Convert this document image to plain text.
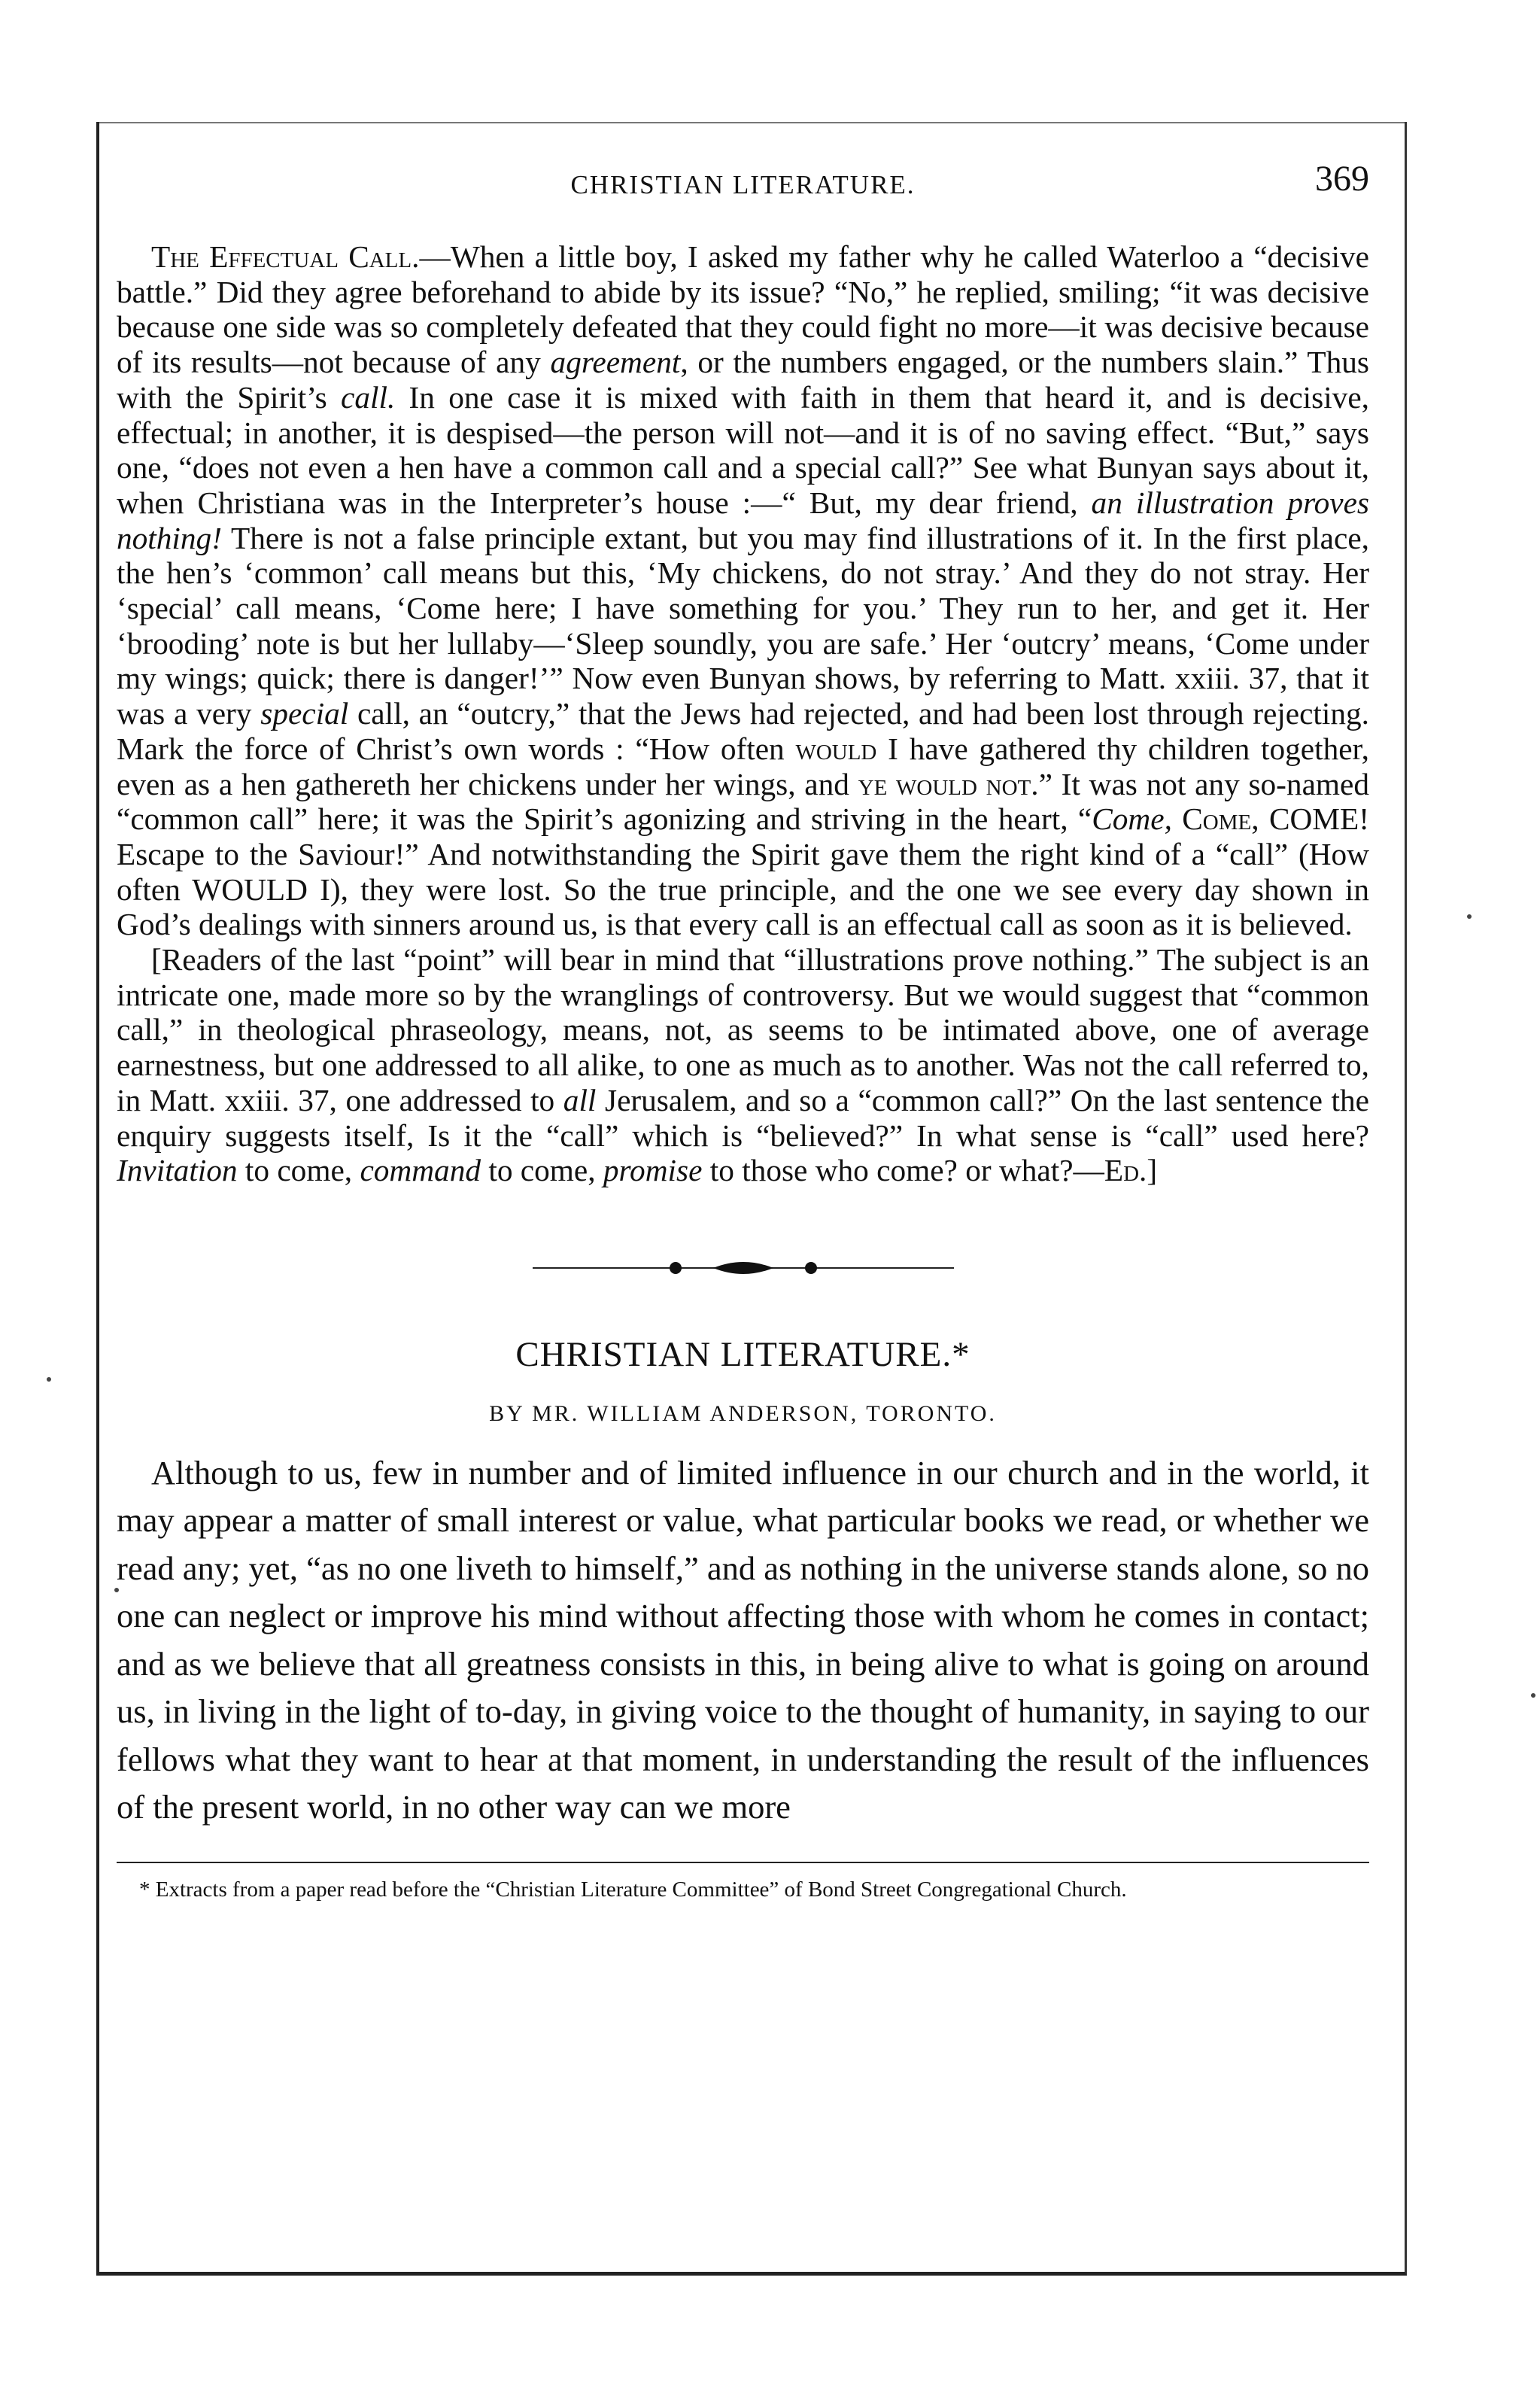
CHRISTIAN LITERATURE.	369

The Effectual Call.—When a little boy, I asked my father why he called Waterloo a “decisive battle.” Did they agree beforehand to abide by its issue? “No,” he replied, smiling; “it was decisive because one side was so completely defeated that they could fight no more—it was decisive because of its results—not because of any agreement, or the numbers engaged, or the numbers slain.” Thus with the Spirit’s call. In one case it is mixed with faith in them that heard it, and is decisive, effectual; in another, it is despised—the person will not—and it is of no saving effect. “But,” says one, “does not even a hen have a common call and a special call?” See what Bunyan says about it, when Christiana was in the Interpreter’s house :—“ But, my dear friend, an illustration proves nothing! There is not a false principle extant, but you may find illustrations of it. In the first place, the hen’s ‘common’ call means but this, ‘My chickens, do not stray.’ And they do not stray. Her ‘special’ call means, ‘Come here; I have something for you.’ They run to her, and get it. Her ‘brooding’ note is but her lullaby—‘Sleep soundly, you are safe.’ Her ‘outcry’ means, ‘Come under my wings; quick; there is danger!’” Now even Bunyan shows, by referring to Matt. xxiii. 37, that it was a very special call, an “outcry,” that the Jews had rejected, and had been lost through rejecting. Mark the force of Christ’s own words : “How often would I have gathered thy children together, even as a hen gathereth her chickens under her wings, and ye would not.” It was not any so-named “common call” here; it was the Spirit’s agonizing and striving in the heart, “Come, Come, COME! Escape to the Saviour!” And notwithstanding the Spirit gave them the right kind of a “call” (How often WOULD I), they were lost. So the true principle, and the one we see every day shown in God’s dealings with sinners around us, is that every call is an effectual call as soon as it is believed.

[Readers of the last “point” will bear in mind that “illustrations prove nothing.” The subject is an intricate one, made more so by the wranglings of controversy. But we would suggest that “common call,” in theological phraseology, means, not, as seems to be intimated above, one of average earnestness, but one addressed to all alike, to one as much as to another. Was not the call referred to, in Matt. xxiii. 37, one addressed to all Jerusalem, and so a “common call?” On the last sentence the enquiry suggests itself, Is it the “call” which is “believed?” In what sense is “call” used here? Invitation to come, command to come, promise to those who come? or what?—Ed.]

CHRISTIAN LITERATURE.*
BY MR. WILLIAM ANDERSON, TORONTO.

Although to us, few in number and of limited influence in our church and in the world, it may appear a matter of small interest or value, what particular books we read, or whether we read any; yet, “as no one liveth to himself,” and as nothing in the universe stands alone, so no one can neglect or improve his mind without affecting those with whom he comes in contact; and as we believe that all greatness consists in this, in being alive to what is going on around us, in living in the light of to-day, in giving voice to the thought of humanity, in saying to our fellows what they want to hear at that moment, in understanding the result of the influences of the present world, in no other way can we more

* Extracts from a paper read before the “Christian Literature Committee” of Bond Street Congregational Church.
